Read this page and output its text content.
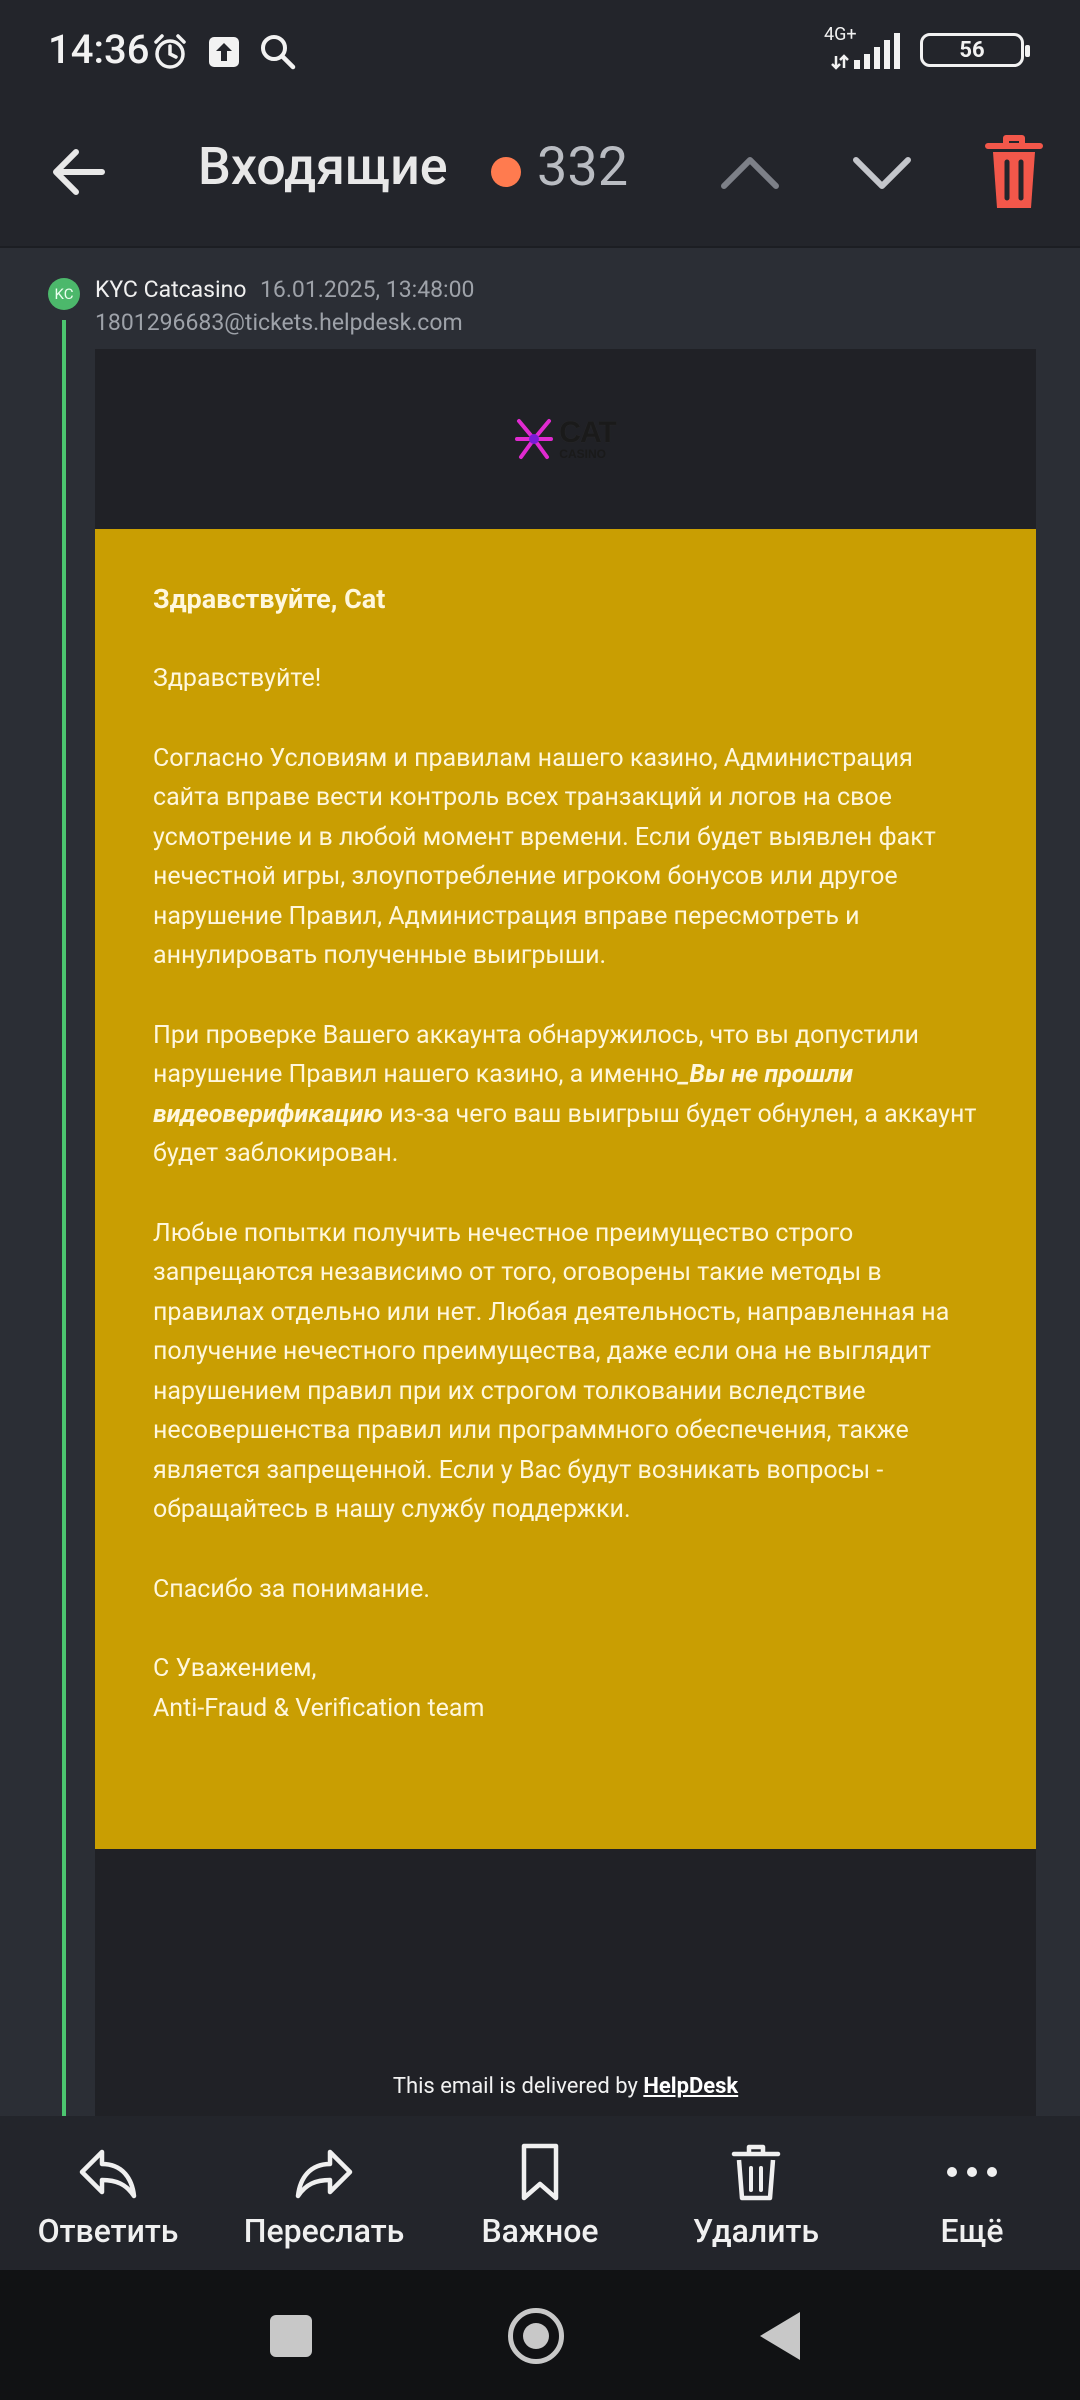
14:36	4G+
56
Входящие 332
KC KYC Catcasino 16.01.2025, 13:48:00
1801296683@tickets.helpdesk.com
CAT
CASINO
Здравствуйте, Cat

Здравствуйте!

Согласно Условиям и правилам нашего казино, Администрация сайта вправе вести контроль всех транзакций и логов на свое усмотрение и в любой момент времени. Если будет выявлен факт нечестной игры, злоупотребление игроком бонусов или другое нарушение Правил, Администрация вправе пересмотреть и аннулировать полученные выигрыши.

При проверке Вашего аккаунта обнаружилось, что вы допустили нарушение Правил нашего казино, а именно_Вы не прошли видеоверификацию из-за чего ваш выигрыш будет обнулен, а аккаунт будет заблокирован.

Любые попытки получить нечестное преимущество строго запрещаются независимо от того, оговорены такие методы в правилах отдельно или нет. Любая деятельность, направленная на получение нечестного преимущества, даже если она не выглядит нарушением правил при их строгом толковании вследствие несовершенства правил или программного обеспечения, также является запрещенной. Если у Вас будут возникать вопросы - обращайтесь в нашу службу поддержки.

Спасибо за понимание.

С Уважением,
Anti-Fraud & Verification team

This email is delivered by HelpDesk
Ответить Переслать Важное	Удалить	Ещё
